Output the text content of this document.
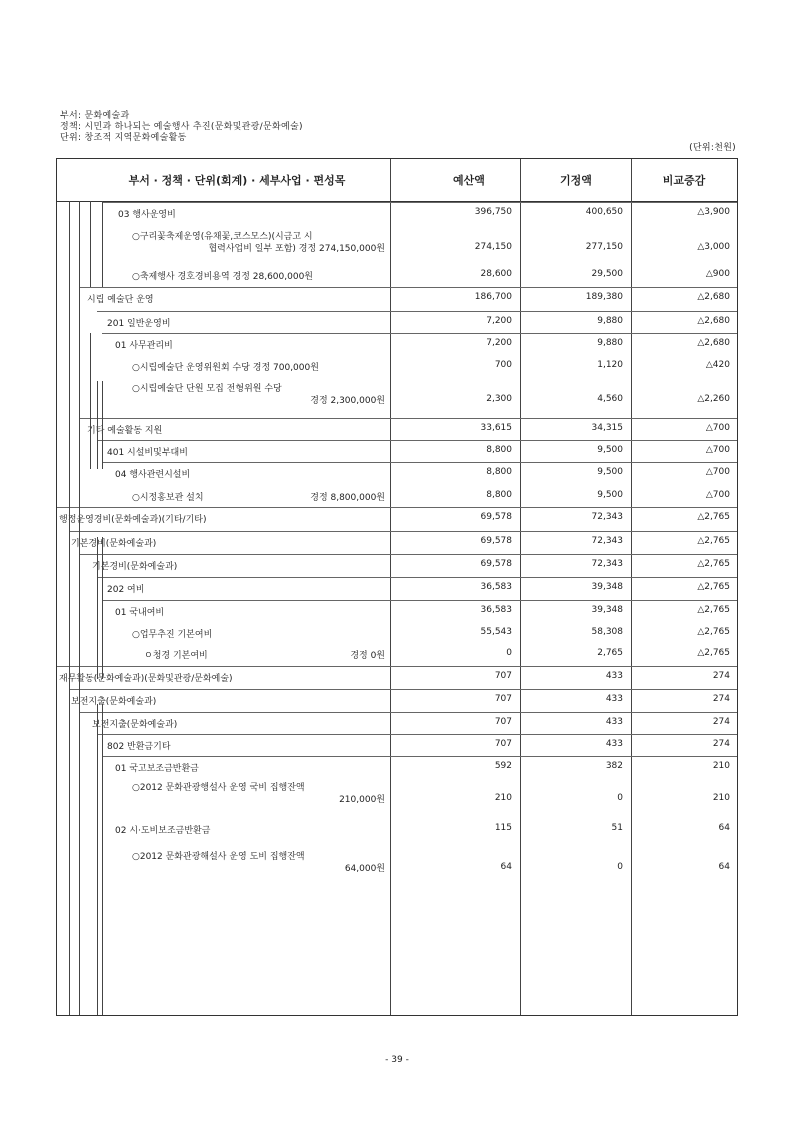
부서: 문화예술과
정책: 시민과 하나되는 예술행사 추진(문화및관광/문화예술)
단위: 창조적 지역문화예술활동
(단위:천원)
부서 · 정책 · 단위(회계) · 세부사업 · 편성목	예산액	기정액	비교증감
03 행사운영비	396,750	400,650	△3,900
○구리꽃축제운영(유채꽃,코스모스)(시금고 시
협력사업비 일부 포함) 경정 274,150,000원	274,150	277,150	△3,000
○축제행사 경호경비용역 경정 28,600,000원	28,600	29,500	△900
시립 예술단 운영	186,700	189,380	△2,680
201 일반운영비	7,200	9,880	△2,680
01 사무관리비	7,200	9,880	△2,680
○시립예술단 운영위원회 수당 경정 700,000원	700	1,120	△420
○시립예술단 단원 모집 전형위원 수당
경정 2,300,000원	2,300	4,560	△2,260
기타 예술활동 지원	33,615	34,315	△700
401 시설비및부대비	8,800	9,500	△700
04 행사관련시설비	8,800	9,500	△700
○시정홍보관 설치	경정 8,800,000원	8,800	9,500	△700
행정운영경비(문화예술과)(기타/기타)	69,578	72,343	△2,765
기본경비(문화예술과)	69,578	72,343	△2,765
기본경비(문화예술과)	69,578	72,343	△2,765
202 여비	36,583	39,348	△2,765
01 국내여비	36,583	39,348	△2,765
○업무추진 기본여비	55,543	58,308	△2,765
ㅇ청경 기본여비	경정 0원	0	2,765	△2,765
재무활동(문화예술과)(문화및관광/문화예술)	707	433	274
보전지출(문화예술과)	707	433	274
보전지출(문화예술과)	707	433	274
802 반환금기타	707	433	274
01 국고보조금반환금	592	382	210
○2012 문화관광행설사 운영 국비 집행잔액
210,000원	210	0	210
02 시·도비보조금반환금	115	51	64
○2012 문화관광해설사 운영 도비 집행잔액
64,000원	64	0	64
- 39 -
